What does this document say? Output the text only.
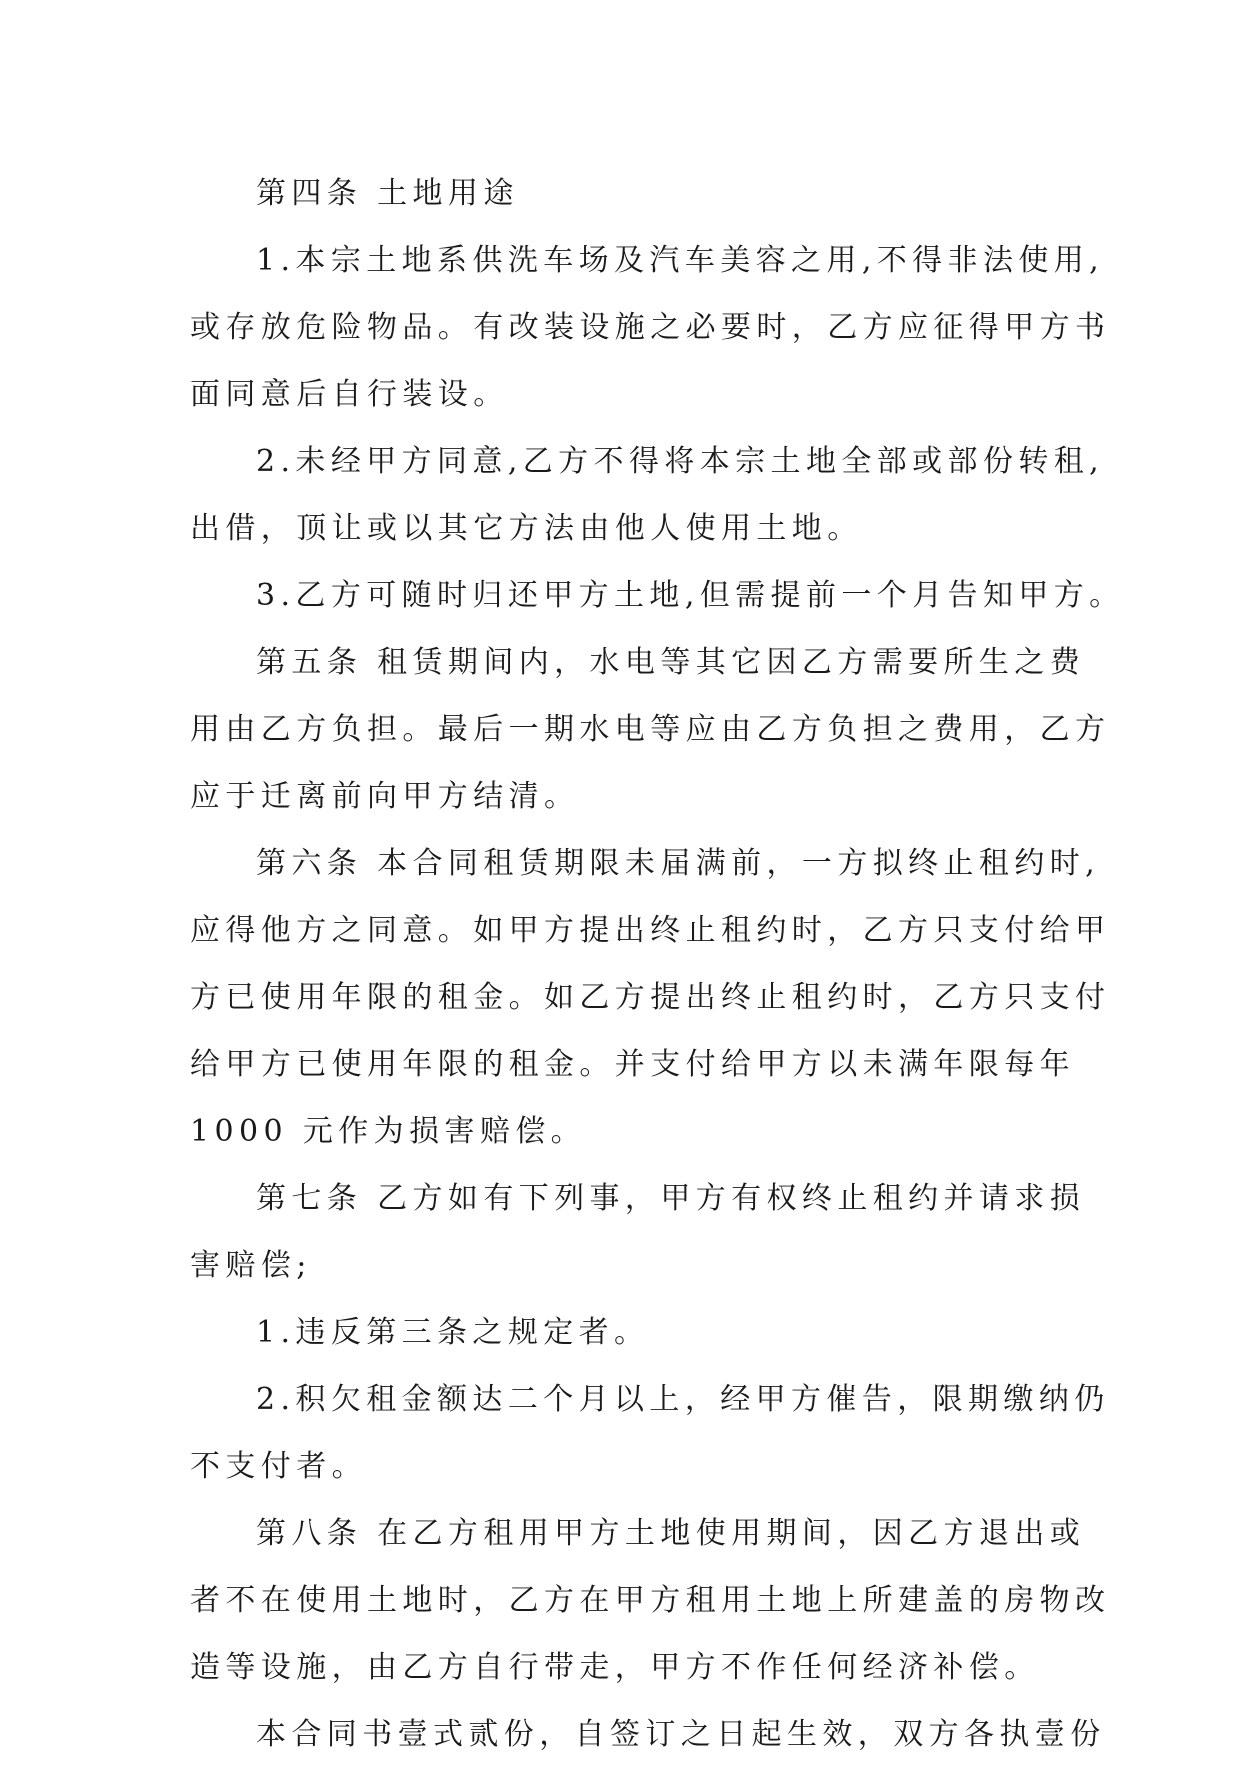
第四条 土地用途
1.本宗土地系供洗车场及汽车美容之用,不得非法使用,
或存放危险物品。有改装设施之必要时，乙方应征得甲方书
面同意后自行装设。
2.未经甲方同意,乙方不得将本宗土地全部或部份转租,
出借，顶让或以其它方法由他人使用土地。
3.乙方可随时归还甲方土地,但需提前一个月告知甲方。
第五条 租赁期间内，水电等其它因乙方需要所生之费
用由乙方负担。最后一期水电等应由乙方负担之费用，乙方
应于迁离前向甲方结清。
第六条 本合同租赁期限未届满前，一方拟终止租约时,
应得他方之同意。如甲方提出终止租约时，乙方只支付给甲
方已使用年限的租金。如乙方提出终止租约时，乙方只支付
给甲方已使用年限的租金。并支付给甲方以未满年限每年
1000 元作为损害赔偿。
第七条 乙方如有下列事，甲方有权终止租约并请求损
害赔偿;
1.违反第三条之规定者。
2.积欠租金额达二个月以上，经甲方催告，限期缴纳仍
不支付者。
第八条 在乙方租用甲方土地使用期间，因乙方退出或
者不在使用土地时，乙方在甲方租用土地上所建盖的房物改
造等设施，由乙方自行带走，甲方不作任何经济补偿。
本合同书壹式贰份，自签订之日起生效，双方各执壹份
